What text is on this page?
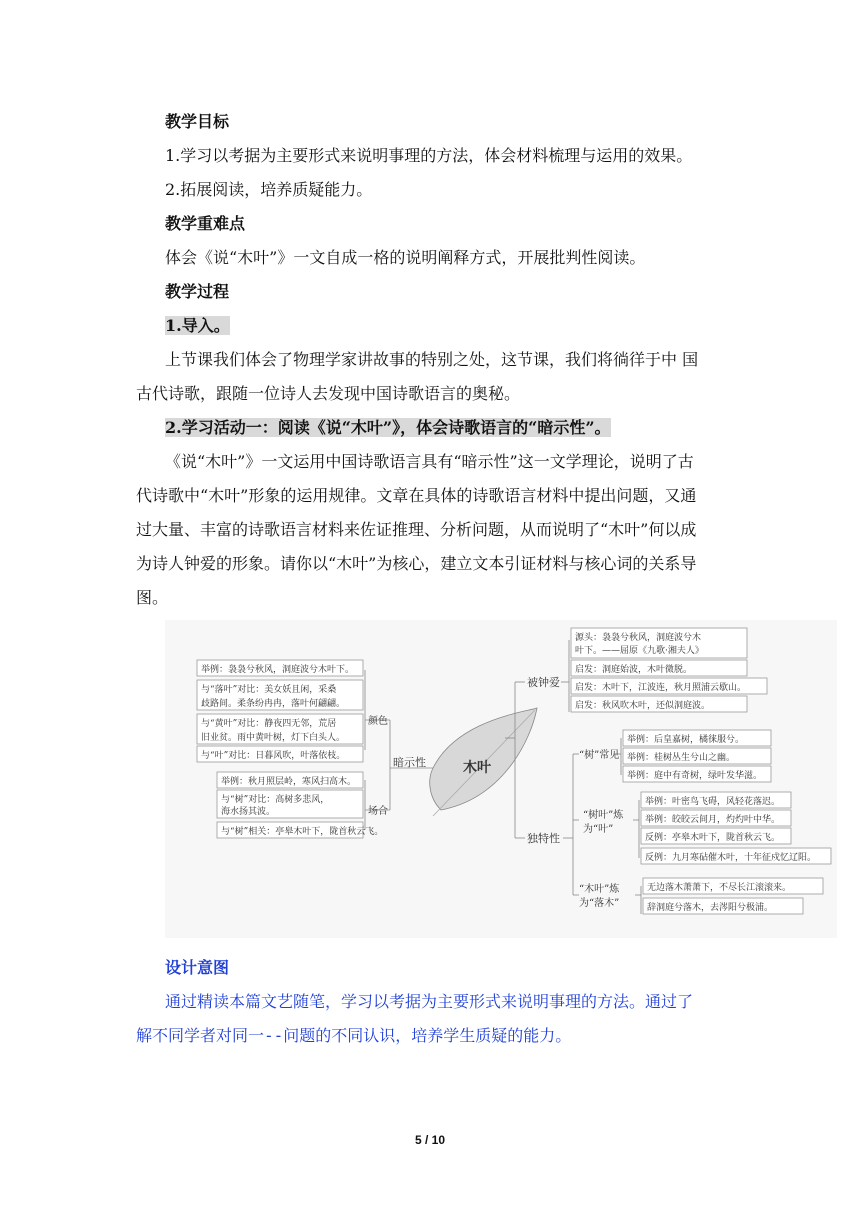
教学目标
1.学习以考据为主要形式来说明事理的方法，体会材料梳理与运用的效果。
2.拓展阅读，培养质疑能力。
教学重难点
体会《说“木叶”》一文自成一格的说明阐释方式，开展批判性阅读。
教学过程
1.导入。
上节课我们体会了物理学家讲故事的特别之处，这节课，我们将徜徉于中 国
古代诗歌，跟随一位诗人去发现中国诗歌语言的奥秘。
2.学习活动一：阅读《说“木叶”》，体会诗歌语言的“暗示性”。
《说“木叶”》一文运用中国诗歌语言具有“暗示性”这一文学理论，说明了古
代诗歌中“木叶”形象的运用规律。文章在具体的诗歌语言材料中提出问题，又通
过大量、丰富的诗歌语言材料来佐证推理、分析问题，从而说明了“木叶”何以成
为诗人钟爱的形象。请你以“木叶”为核心，建立文本引证材料与核心词的关系导
图。
木叶
暗示性
颜色
场合
举例：袅袅兮秋风，洞庭波兮木叶下。
与“落叶”对比：美女妖且闲，采桑
歧路间。柔条纷冉冉，落叶何翩翩。
与“黄叶”对比：静夜四无邻，荒居
旧业贫。雨中黄叶树，灯下白头人。
与“叶”对比：日暮风吹，叶落依枝。
举例：秋月照层岭，寒风扫高木。
与“树”对比：高树多悲风，
海水扬其波。
与“树”相关：亭皋木叶下，陇首秋云飞。
被钟爱
独特性
源头：袅袅兮秋风，洞庭波兮木
叶下。——屈原《九歌·湘夫人》
启发：洞庭始波，木叶微脱。
启发：木叶下，江波连，秋月照浦云歇山。
启发：秋风吹木叶，还似洞庭波。
“树”常见
举例：后皇嘉树，橘徕服兮。
举例：桂树丛生兮山之幽。
举例：庭中有奇树，绿叶发华滋。
“树叶”炼
为“叶”
举例：叶密鸟飞碍，风轻花落迟。
举例：皎皎云间月，灼灼叶中华。
反例：亭皋木叶下，陇首秋云飞。
反例：九月寒砧催木叶，十年征戍忆辽阳。
“木叶”炼
为“落木”
无边落木萧萧下，不尽长江滚滚来。
辞洞庭兮落木，去涔阳兮极浦。
设计意图
通过精读本篇文艺随笔，学习以考据为主要形式来说明事理的方法。通过了
解不同学者对同一--问题的不同认识，培养学生质疑的能力。
5 / 10
